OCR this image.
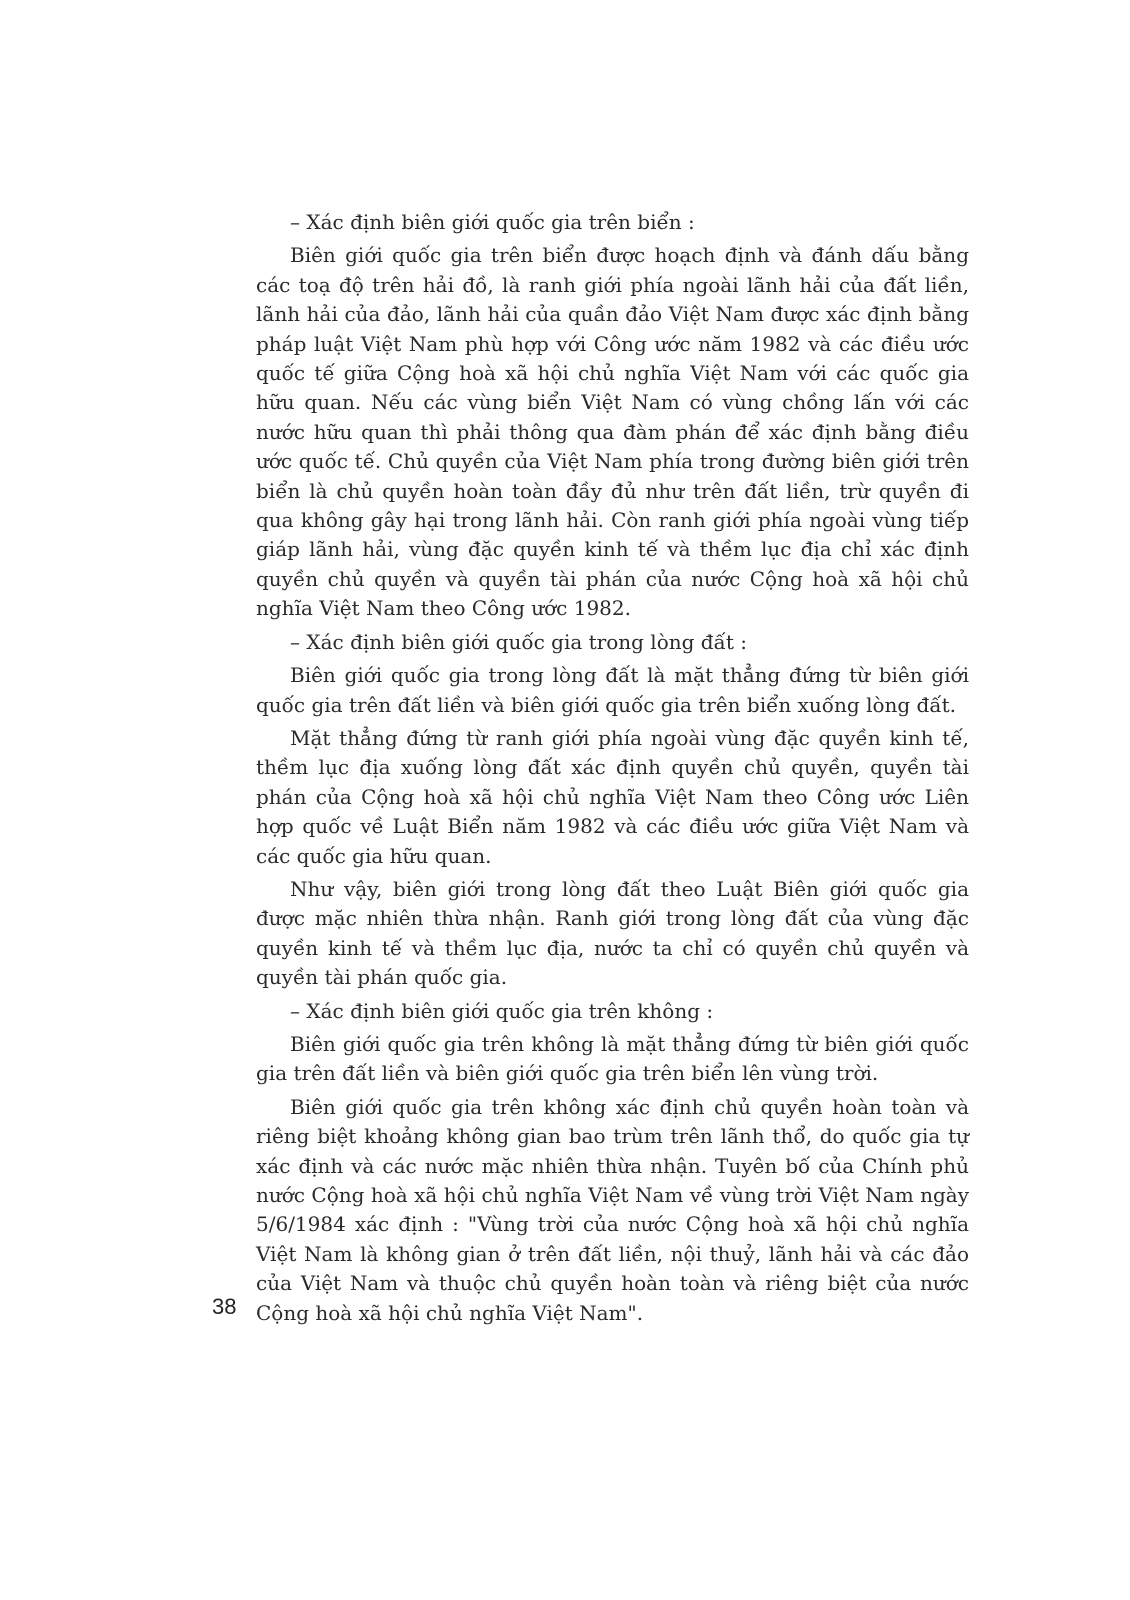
– Xác định biên giới quốc gia trên biển :

Biên giới quốc gia trên biển được hoạch định và đánh dấu bằng các toạ độ trên hải đồ, là ranh giới phía ngoài lãnh hải của đất liền, lãnh hải của đảo, lãnh hải của quần đảo Việt Nam được xác định bằng pháp luật Việt Nam phù hợp với Công ước năm 1982 và các điều ước quốc tế giữa Cộng hoà xã hội chủ nghĩa Việt Nam với các quốc gia hữu quan. Nếu các vùng biển Việt Nam có vùng chồng lấn với các nước hữu quan thì phải thông qua đàm phán để xác định bằng điều ước quốc tế. Chủ quyền của Việt Nam phía trong đường biên giới trên biển là chủ quyền hoàn toàn đầy đủ như trên đất liền, trừ quyền đi qua không gây hại trong lãnh hải. Còn ranh giới phía ngoài vùng tiếp giáp lãnh hải, vùng đặc quyền kinh tế và thềm lục địa chỉ xác định quyền chủ quyền và quyền tài phán của nước Cộng hoà xã hội chủ nghĩa Việt Nam theo Công ước 1982.

– Xác định biên giới quốc gia trong lòng đất :

Biên giới quốc gia trong lòng đất là mặt thẳng đứng từ biên giới quốc gia trên đất liền và biên giới quốc gia trên biển xuống lòng đất.

Mặt thẳng đứng từ ranh giới phía ngoài vùng đặc quyền kinh tế, thềm lục địa xuống lòng đất xác định quyền chủ quyền, quyền tài phán của Cộng hoà xã hội chủ nghĩa Việt Nam theo Công ước Liên hợp quốc về Luật Biển năm 1982 và các điều ước giữa Việt Nam và các quốc gia hữu quan.

Như vậy, biên giới trong lòng đất theo Luật Biên giới quốc gia được mặc nhiên thừa nhận. Ranh giới trong lòng đất của vùng đặc quyền kinh tế và thềm lục địa, nước ta chỉ có quyền chủ quyền và quyền tài phán quốc gia.

– Xác định biên giới quốc gia trên không :

Biên giới quốc gia trên không là mặt thẳng đứng từ biên giới quốc gia trên đất liền và biên giới quốc gia trên biển lên vùng trời.

Biên giới quốc gia trên không xác định chủ quyền hoàn toàn và riêng biệt khoảng không gian bao trùm trên lãnh thổ, do quốc gia tự xác định và các nước mặc nhiên thừa nhận. Tuyên bố của Chính phủ nước Cộng hoà xã hội chủ nghĩa Việt Nam về vùng trời Việt Nam ngày 5/6/1984 xác định : "Vùng trời của nước Cộng hoà xã hội chủ nghĩa Việt Nam là không gian ở trên đất liền, nội thuỷ, lãnh hải và các đảo của Việt Nam và thuộc chủ quyền hoàn toàn và riêng biệt của nước Cộng hoà xã hội chủ nghĩa Việt Nam".

38
